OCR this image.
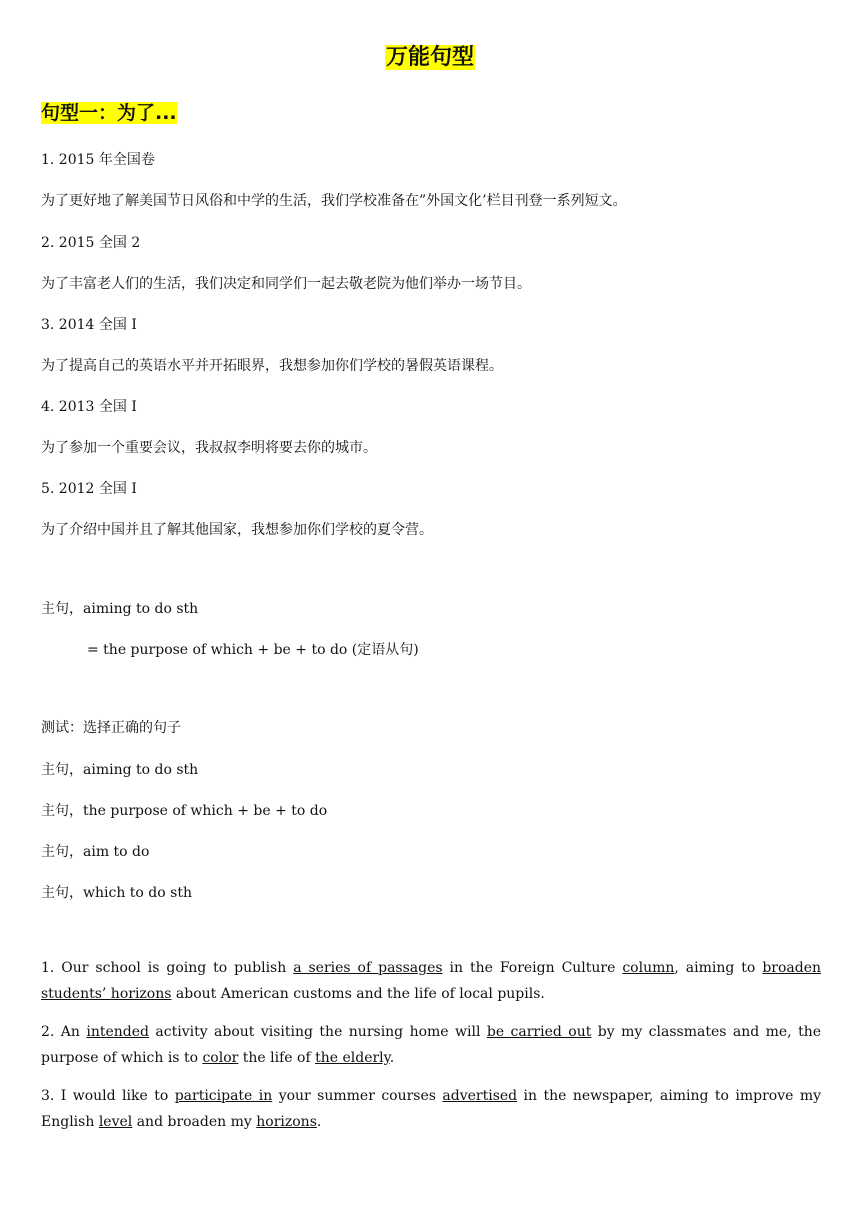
万能句型
句型一：为了...
1. 2015 年全国卷
为了更好地了解美国节日风俗和中学的生活，我们学校准备在”外国文化’栏目刊登一系列短文。
2. 2015 全国 2
为了丰富老人们的生活，我们决定和同学们一起去敬老院为他们举办一场节目。
3. 2014 全国 I
为了提高自己的英语水平并开拓眼界，我想参加你们学校的暑假英语课程。
4. 2013 全国 I
为了参加一个重要会议，我叔叔李明将要去你的城市。
5. 2012 全国 I
为了介绍中国并且了解其他国家，我想参加你们学校的夏令营。
主句，aiming to do sth
= the purpose of which + be + to do (定语从句)
测试：选择正确的句子
主句，aiming to do sth
主句，the purpose of which + be + to do
主句，aim to do
主句，which to do sth
1. Our school is going to publish a series of passages in the Foreign Culture column, aiming to broaden students’ horizons about American customs and the life of local pupils.
2. An intended activity about visiting the nursing home will be carried out by my classmates and me, the purpose of which is to color the life of the elderly.
3. I would like to participate in your summer courses advertised in the newspaper, aiming to improve my English level and broaden my horizons.
